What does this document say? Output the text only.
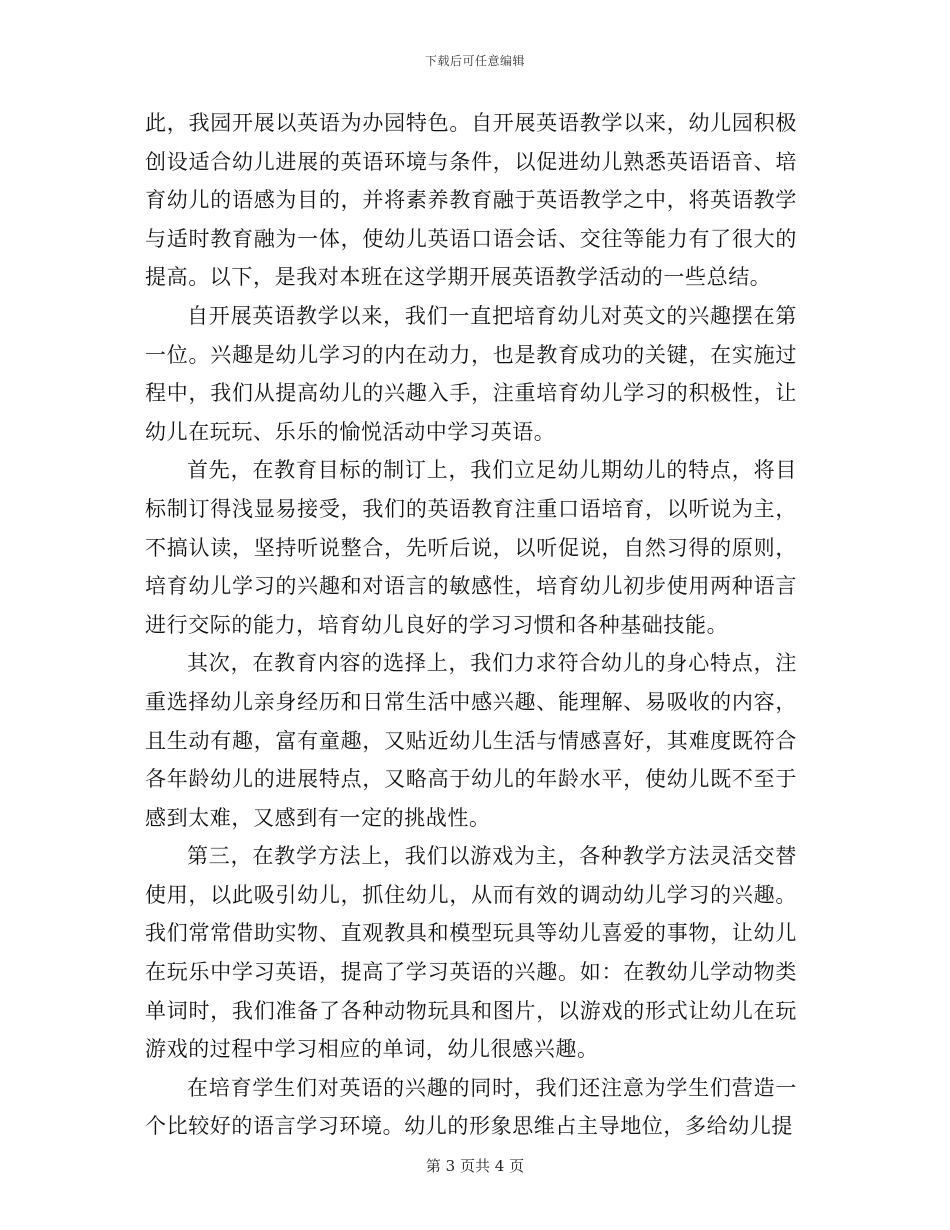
下载后可任意编辑

此，我园开展以英语为办园特色。自开展英语教学以来，幼儿园积极创设适合幼儿进展的英语环境与条件，以促进幼儿熟悉英语语音、培育幼儿的语感为目的，并将素养教育融于英语教学之中，将英语教学与适时教育融为一体，使幼儿英语口语会话、交往等能力有了很大的提高。以下，是我对本班在这学期开展英语教学活动的一些总结。

自开展英语教学以来，我们一直把培育幼儿对英文的兴趣摆在第一位。兴趣是幼儿学习的内在动力，也是教育成功的关键，在实施过程中，我们从提高幼儿的兴趣入手，注重培育幼儿学习的积极性，让幼儿在玩玩、乐乐的愉悦活动中学习英语。

首先，在教育目标的制订上，我们立足幼儿期幼儿的特点，将目标制订得浅显易接受，我们的英语教育注重口语培育，以听说为主，不搞认读，坚持听说整合，先听后说，以听促说，自然习得的原则，培育幼儿学习的兴趣和对语言的敏感性，培育幼儿初步使用两种语言进行交际的能力，培育幼儿良好的学习习惯和各种基础技能。

其次，在教育内容的选择上，我们力求符合幼儿的身心特点，注重选择幼儿亲身经历和日常生活中感兴趣、能理解、易吸收的内容，且生动有趣，富有童趣，又贴近幼儿生活与情感喜好，其难度既符合各年龄幼儿的进展特点，又略高于幼儿的年龄水平，使幼儿既不至于感到太难，又感到有一定的挑战性。

第三，在教学方法上，我们以游戏为主，各种教学方法灵活交替使用，以此吸引幼儿，抓住幼儿，从而有效的调动幼儿学习的兴趣。我们常常借助实物、直观教具和模型玩具等幼儿喜爱的事物，让幼儿在玩乐中学习英语，提高了学习英语的兴趣。如：在教幼儿学动物类单词时，我们准备了各种动物玩具和图片，以游戏的形式让幼儿在玩游戏的过程中学习相应的单词，幼儿很感兴趣。

在培育学生们对英语的兴趣的同时，我们还注意为学生们营造一个比较好的语言学习环境。幼儿的形象思维占主导地位，多给幼儿提

第 3 页共 4 页
